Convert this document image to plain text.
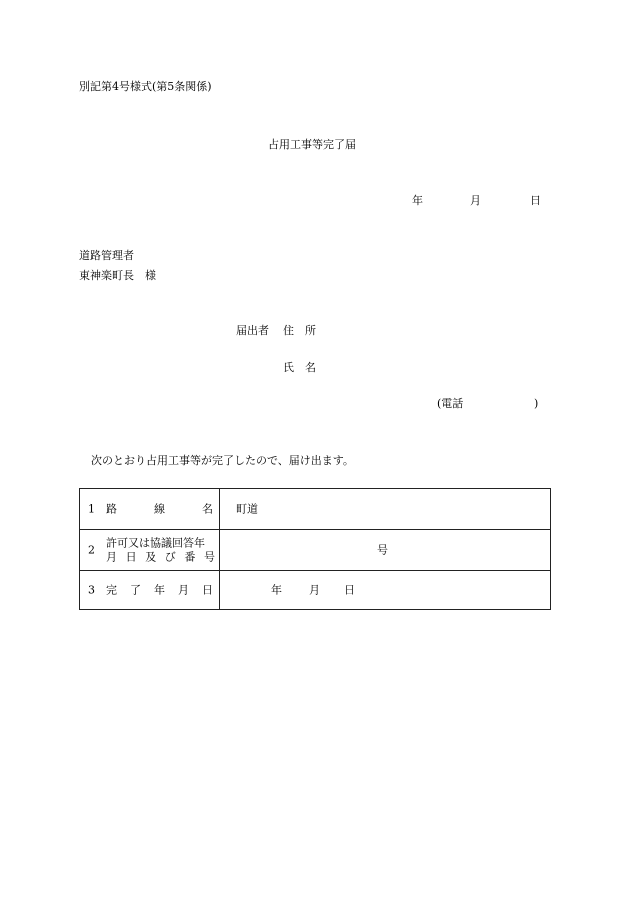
別記第4号様式(第5条関係)
占用工事等完了届
年	月	日
道路管理者
東神楽町長　様
届出者 住　所
氏　名
(電話	)
次のとおり占用工事等が完了したので、届け出ます。
1 路	線	名 町道
2
許可又は協議回答年
月 日 及 び 番 号	号
3 完 了 年 月 日	年 月 日
